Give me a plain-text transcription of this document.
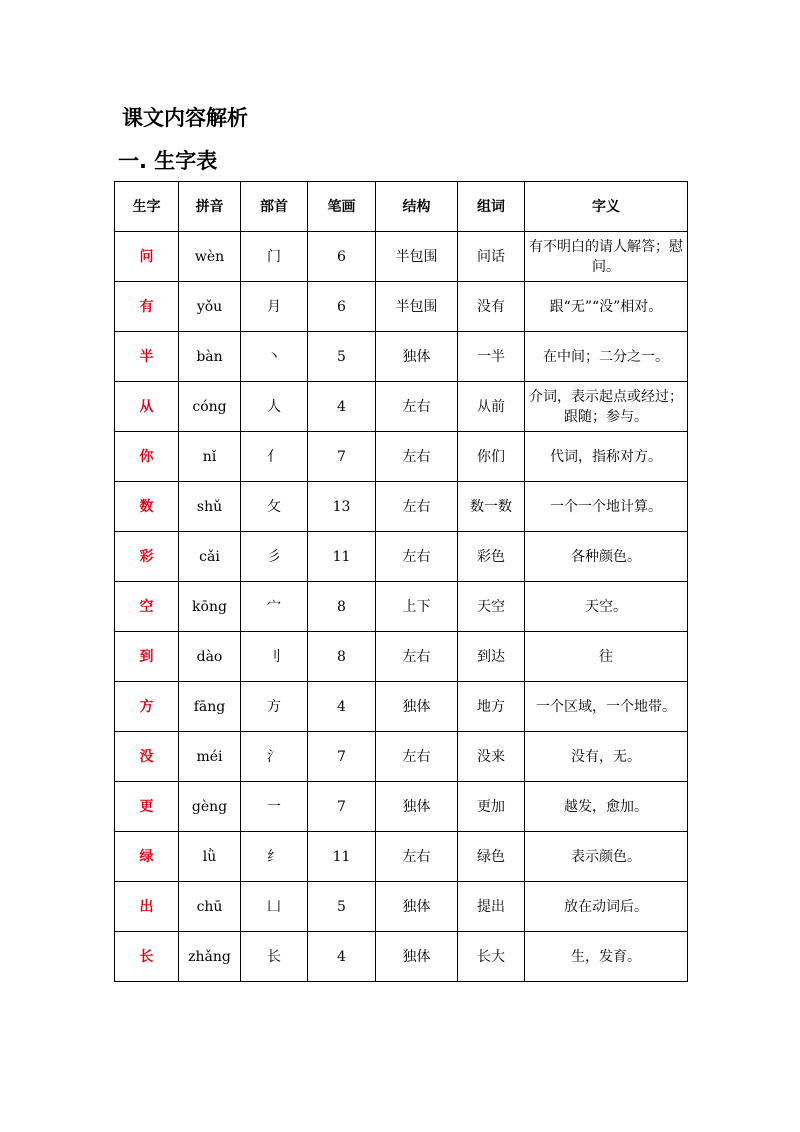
课文内容解析
一. 生字表
生字	拼音	部首	笔画	结构	组词	字义
问	wèn	门	6	半包围	问话	有不明白的请人解答；慰问。
有	yǒu	月	6	半包围	没有	跟“无”“没”相对。
半	bàn	丶	5	独体	一半	在中间；二分之一。
从	cóng	人	4	左右	从前	介词，表示起点或经过；跟随；参与。
你	nǐ	亻	7	左右	你们	代词，指称对方。
数	shǔ	攵	13	左右	数一数	一个一个地计算。
彩	cǎi	彡	11	左右	彩色	各种颜色。
空	kōng	宀	8	上下	天空	天空。
到	dào	刂	8	左右	到达	往
方	fāng	方	4	独体	地方	一个区域，一个地带。
没	méi	氵	7	左右	没来	没有，无。
更	gèng	一	7	独体	更加	越发，愈加。
绿	lǜ	纟	11	左右	绿色	表示颜色。
出	chū	凵	5	独体	提出	放在动词后。
长	zhǎng	长	4	独体	长大	生，发育。
